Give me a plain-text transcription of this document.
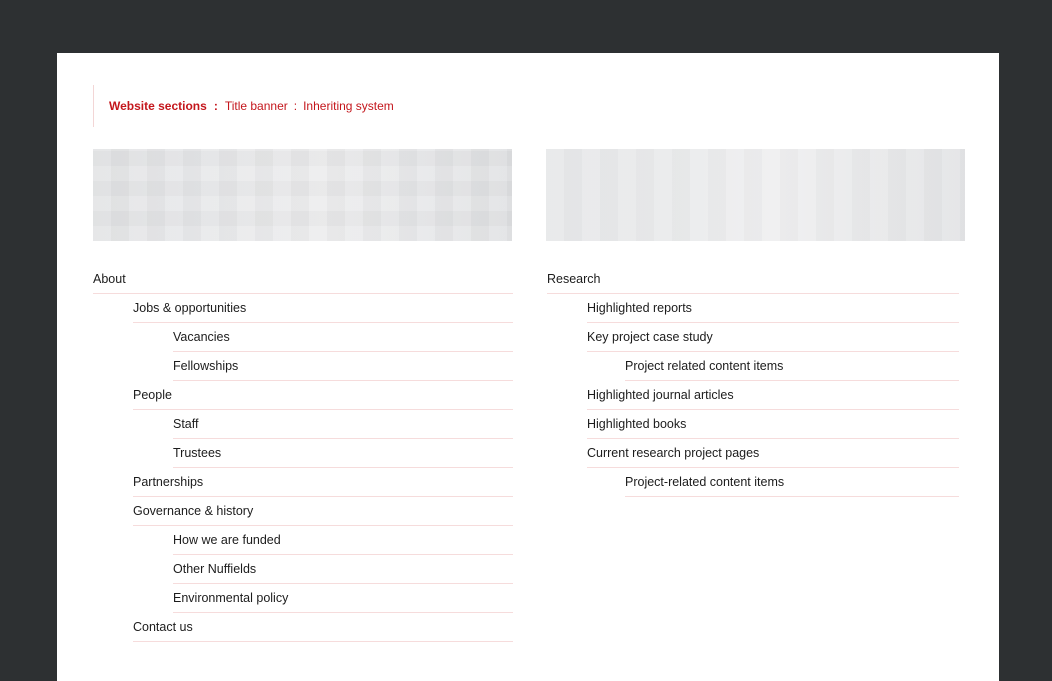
Website sections : Title banner : Inheriting system
About
Jobs & opportunities
Vacancies
Fellowships
People
Staff
Trustees
Partnerships
Governance & history
How we are funded
Other Nuffields
Environmental policy
Contact us
Research
Highlighted reports
Key project case study
Project related content items
Highlighted journal articles
Highlighted books
Current research project pages
Project-related content items
